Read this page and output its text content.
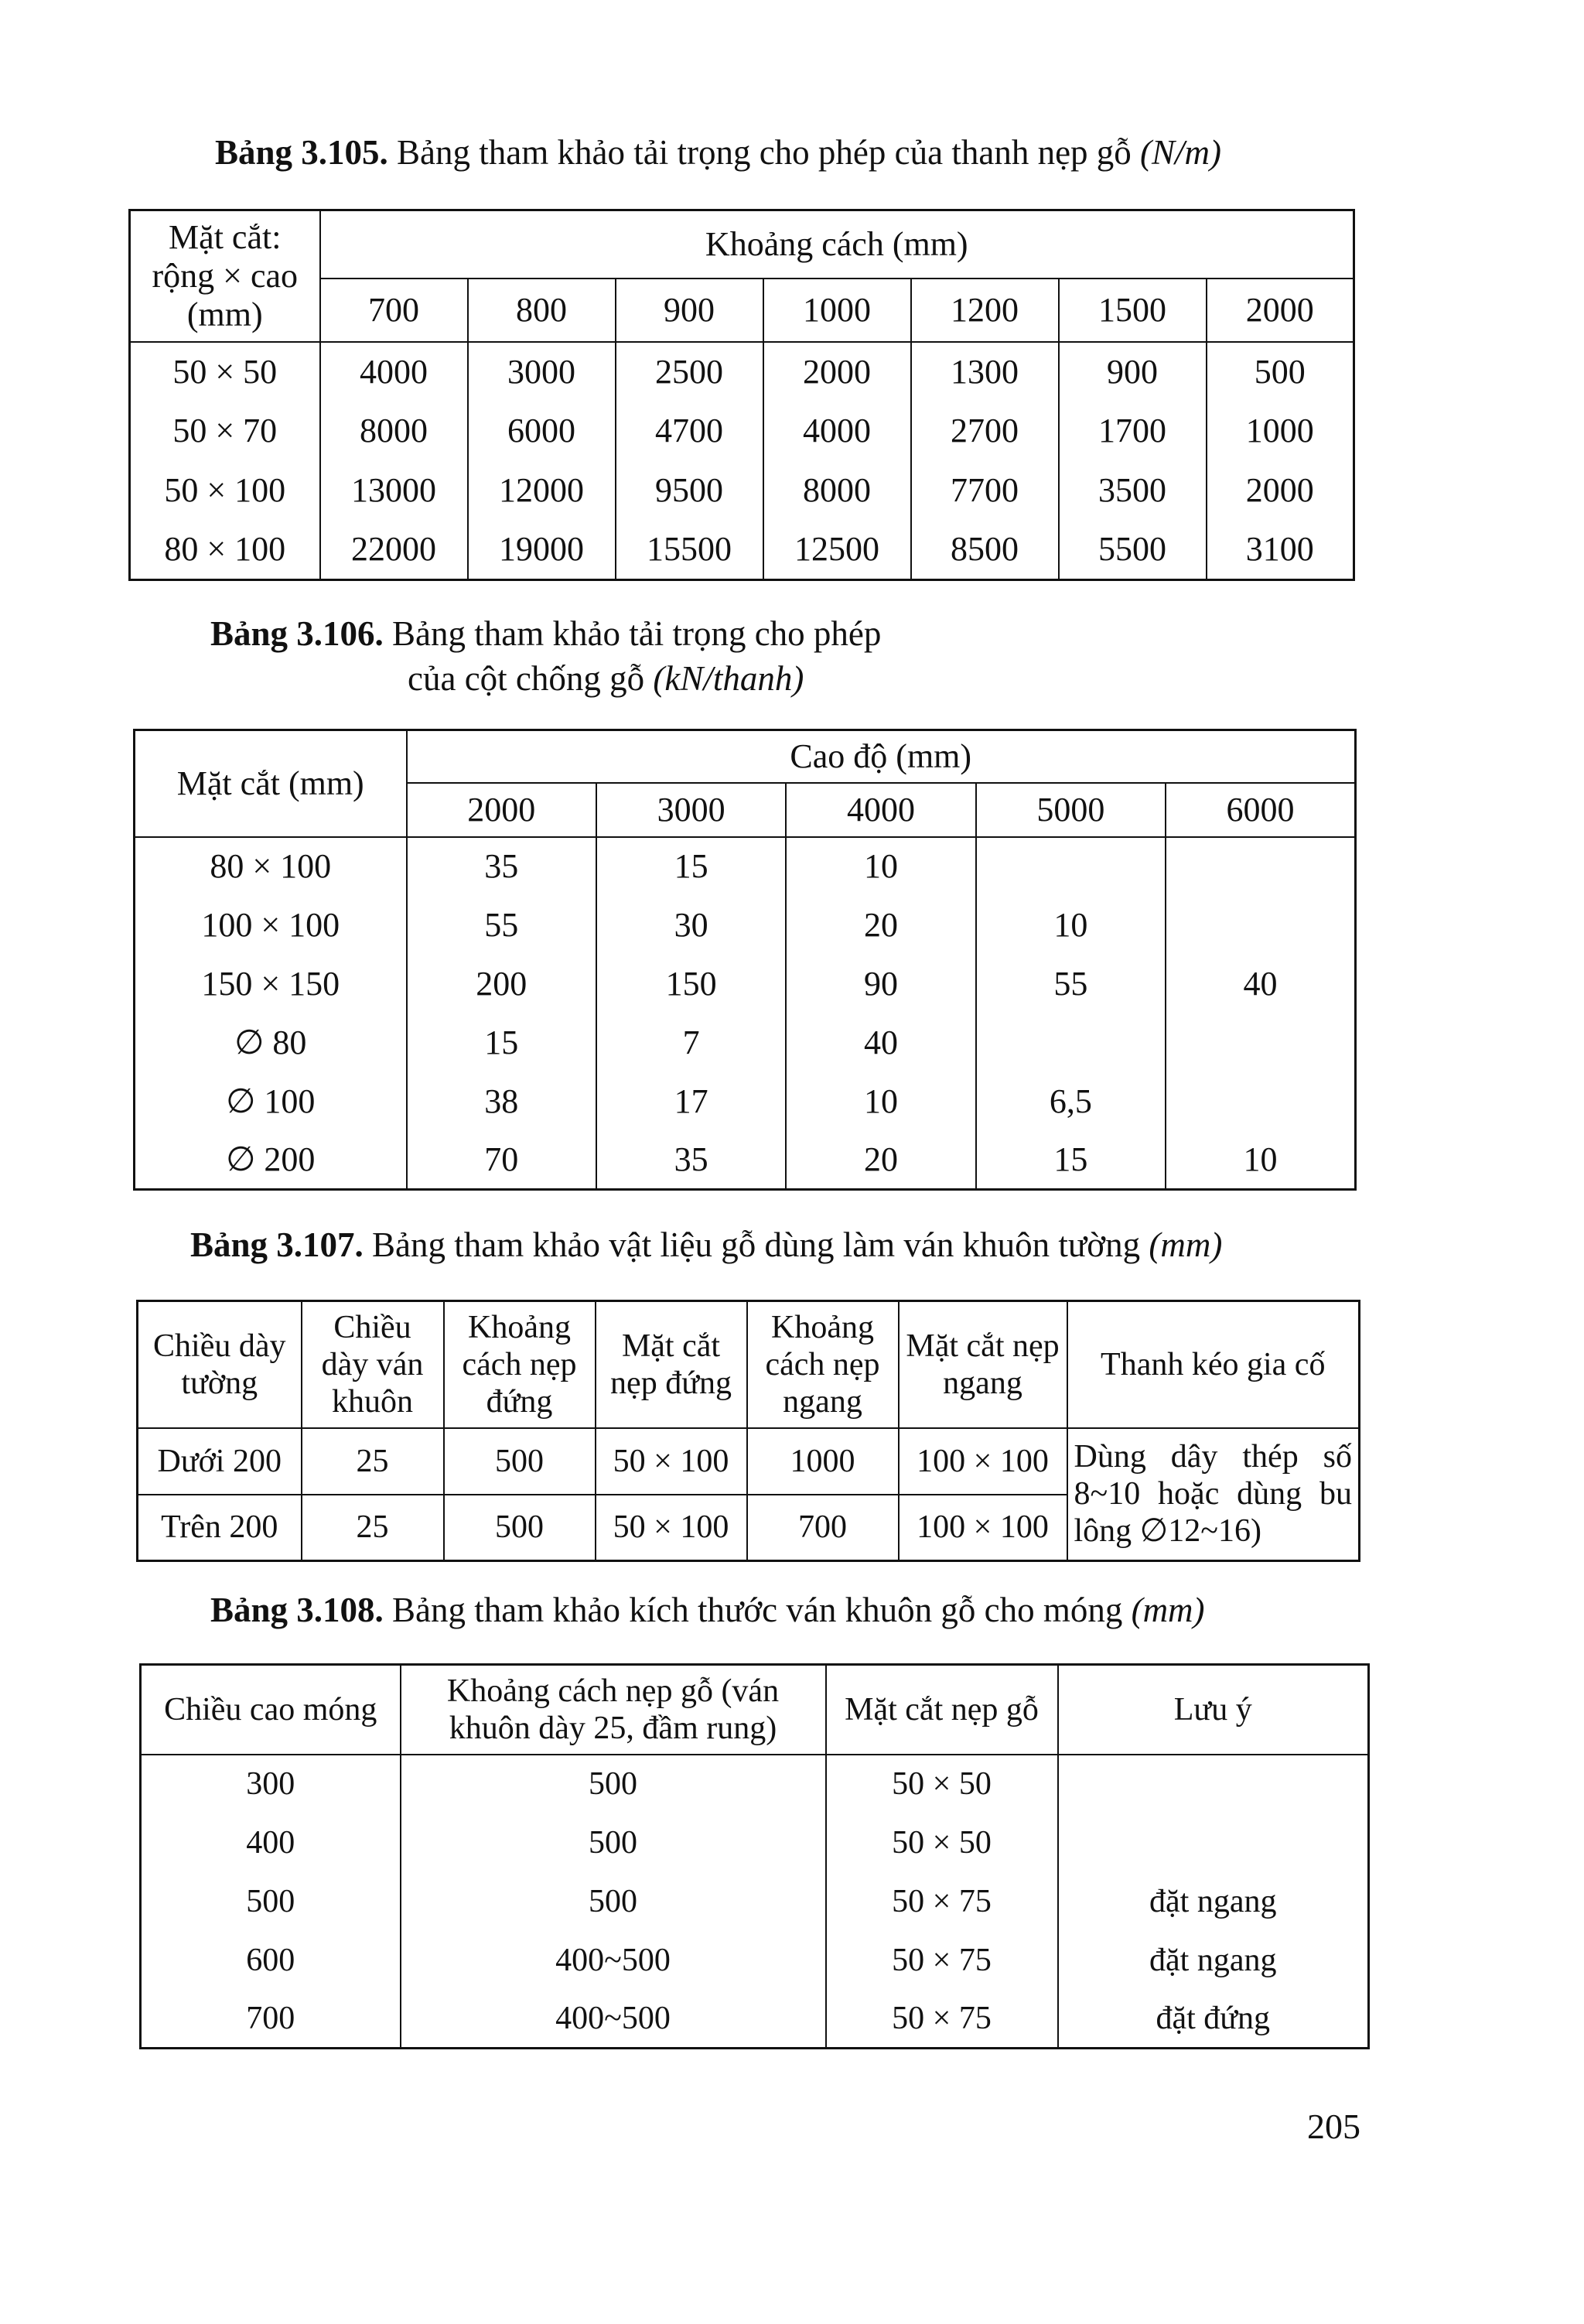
Bảng 3.105. Bảng tham khảo tải trọng cho phép của thanh nẹp gỗ (N/m)
Mặt cắt: rộng × cao (mm)	Khoảng cách (mm)						
	700	800	900	1000	1200	1500	2000
50 × 50	4000	3000	2500	2000	1300	900	500
50 × 70	8000	6000	4700	4000	2700	1700	1000
50 × 100	13000	12000	9500	8000	7700	3500	2000
80 × 100	22000	19000	15500	12500	8500	5500	3100
Bảng 3.106. Bảng tham khảo tải trọng cho phép
của cột chống gỗ (kN/thanh)
Mặt cắt (mm)	Cao độ (mm)				
	2000	3000	4000	5000	6000
80 × 100	35	15	10		
100 × 100	55	30	20	10	
150 × 150	200	150	90	55	40
∅ 80	15	7	40		
∅ 100	38	17	10	6,5	
∅ 200	70	35	20	15	10
Bảng 3.107. Bảng tham khảo vật liệu gỗ dùng làm ván khuôn tường (mm)
Chiều dày tường	Chiều dày ván khuôn	Khoảng cách nẹp đứng	Mặt cắt nẹp đứng	Khoảng cách nẹp ngang	Mặt cắt nẹp ngang	Thanh kéo gia cố
Dưới 200	25	500	50 × 100	1000	100 × 100	Dùng dây thép số 8~10 hoặc dùng bu lông ∅12~16)
Trên 200	25	500	50 × 100	700	100 × 100	
Bảng 3.108. Bảng tham khảo kích thước ván khuôn gỗ cho móng (mm)
Chiều cao móng	Khoảng cách nẹp gỗ (ván khuôn dày 25, đầm rung)	Mặt cắt nẹp gỗ	Lưu ý
300	500	50 × 50	
400	500	50 × 50	
500	500	50 × 75	đặt ngang
600	400~500	50 × 75	đặt ngang
700	400~500	50 × 75	đặt đứng
205
